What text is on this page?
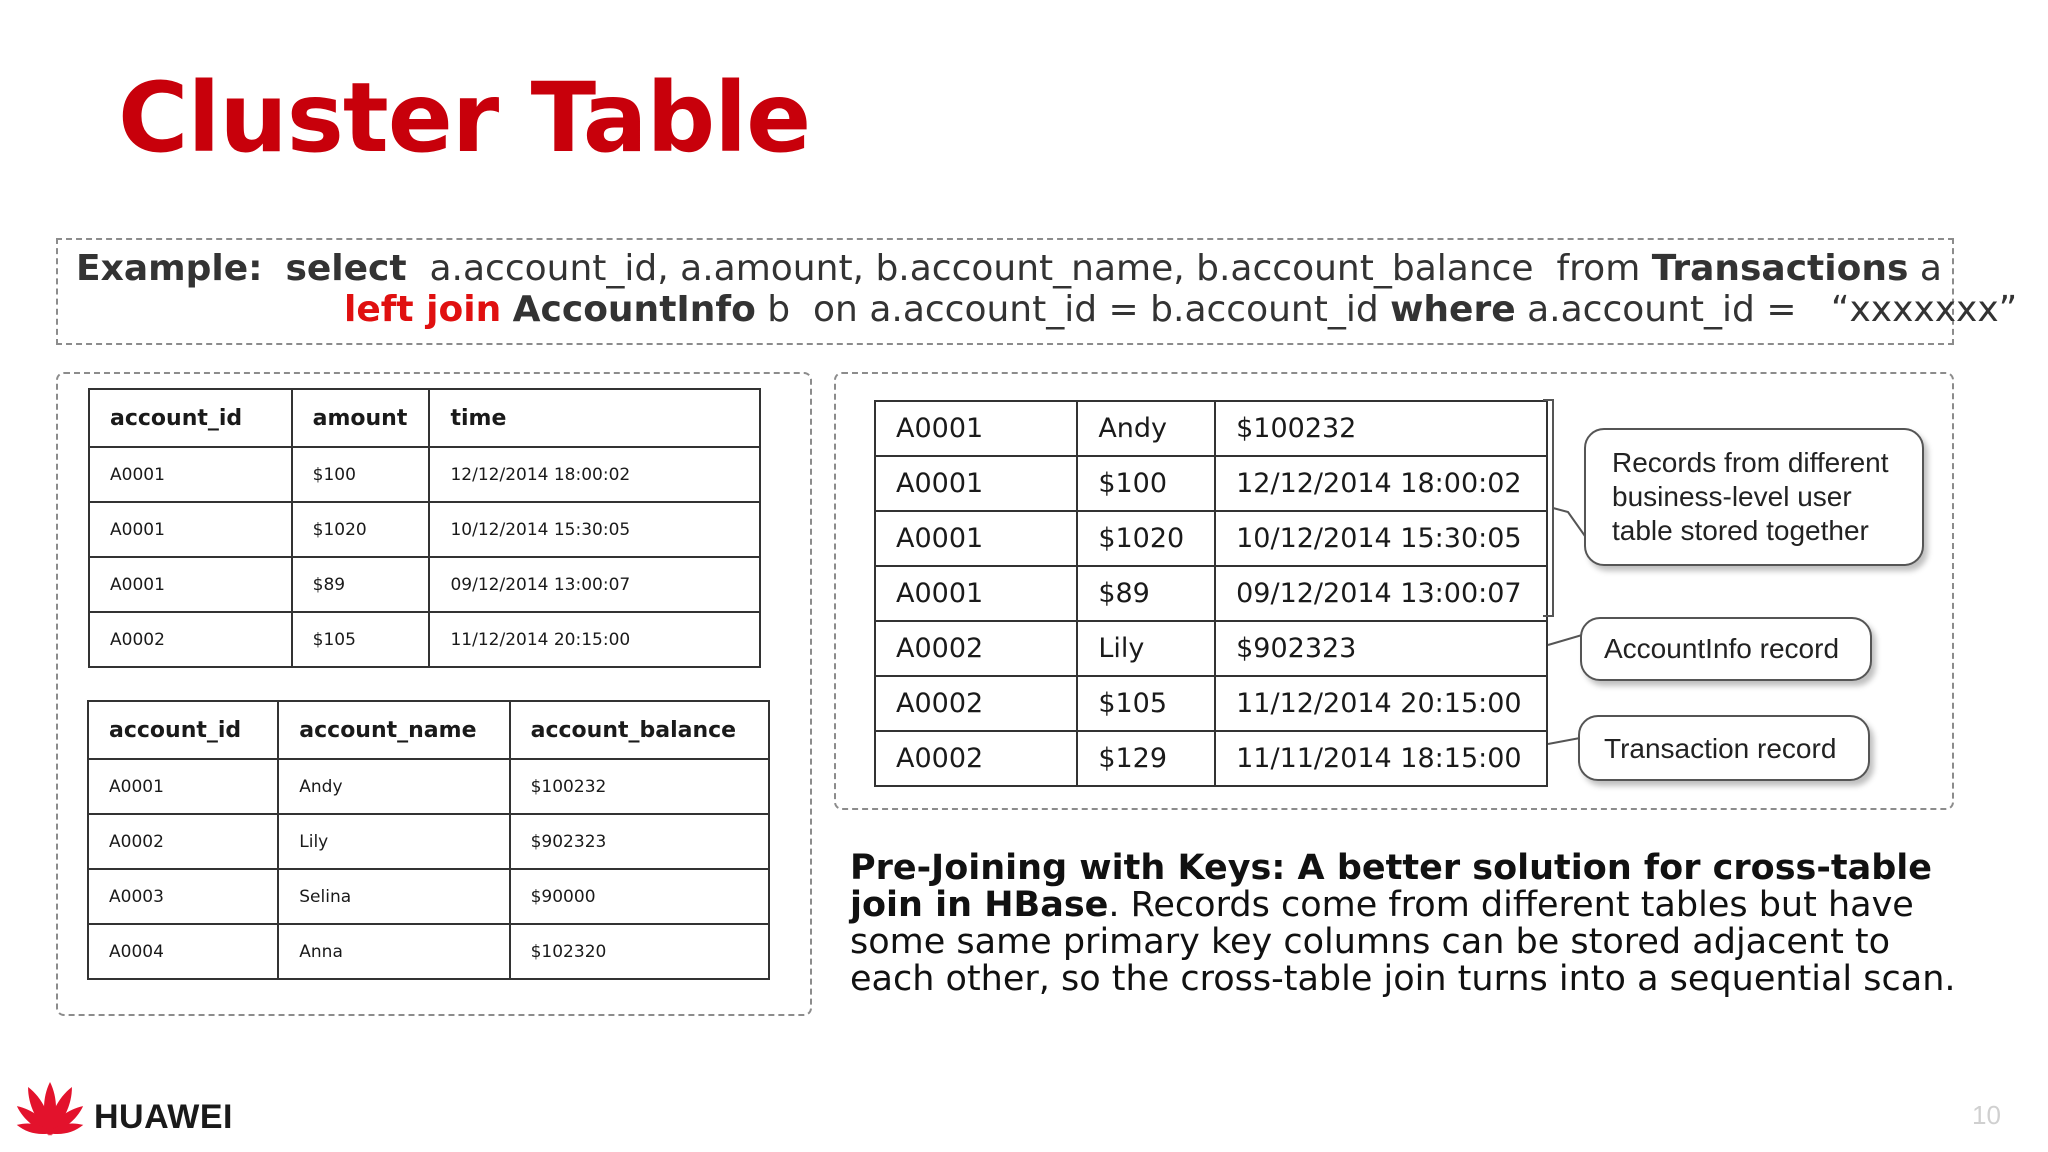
Cluster Table
Example: select a.account_id, a.amount, b.account_name, b.account_balance from Transactions a
left join AccountInfo b on a.account_id = b.account_id where a.account_id = “xxxxxxx”
account_id	amount	time
A0001	$100	12/12/2014 18:00:02
A0001	$1020	10/12/2014 15:30:05
A0001	$89	09/12/2014 13:00:07
A0002	$105	11/12/2014 20:15:00
account_id	account_name	account_balance
A0001	Andy	$100232
A0002	Lily	$902323
A0003	Selina	$90000
A0004	Anna	$102320
A0001	Andy	$100232
A0001	$100	12/12/2014 18:00:02
A0001	$1020	10/12/2014 15:30:05
A0001	$89	09/12/2014 13:00:07
A0002	Lily	$902323
A0002	$105	11/12/2014 20:15:00
A0002	$129	11/11/2014 18:15:00
Records from different
business-level user
table stored together
AccountInfo record
Transaction record
Pre-Joining with Keys: A better solution for cross-table join in HBase. Records come from different tables but have some same primary key columns can be stored adjacent to each other, so the cross-table join turns into a sequential scan.
HUAWEI	10
